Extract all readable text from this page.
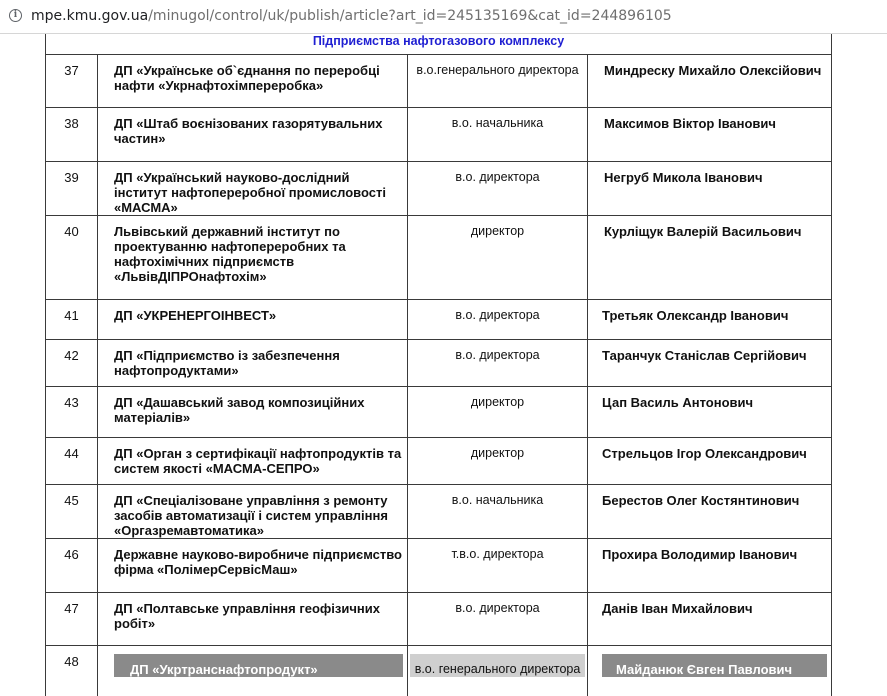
i mpe.kmu.gov.ua/minugol/control/uk/publish/article?art_id=245135169&cat_id=244896105

Підприємства нафтогазового комплексу			

37	ДП «Українське об`єднання по переробці нафти «Укрнафтохімпереробка»	в.о.генерального директора	Миндреску Михайло Олексійович

38	ДП «Штаб воєнізованих газорятувальних частин»	в.о. начальника	Максимов Віктор Іванович

39	ДП «Український науково-дослідний інститут нафтопереробної промисловості «МАСМА»	в.о. директора	Негруб Микола Іванович

40	Львівський державний інститут по проектуванню нафтопереробних та нафтохімічних підприємств «ЛьвівДІПРОнафтохім»	директор	Курліщук Валерій Васильович

41	ДП «УКРЕНЕРГОІНВЕСТ»	в.о. директора	Третьяк Олександр Іванович

42	ДП «Підприємство із забезпечення нафтопродуктами»	в.о. директора	Таранчук Станіслав Сергійович

43	ДП «Дашавський завод композиційних матеріалів»	директор	Цап Василь Антонович

44	ДП «Орган з сертифікації нафтопродуктів та систем якості «МАСМА-СЕПРО»	директор	Стрельцов Ігор Олександрович

45	ДП «Спеціалізоване управління з ремонту засобів автоматизації і систем управління «Оргазремавтоматика»	в.о. начальника	Берестов Олег Костянтинович

46	Державне науково-виробниче підприємство фірма «ПолімерСервісМаш»	т.в.о. директора	Прохира Володимир Іванович

47	ДП «Полтавське управління геофізичних робіт»	в.о. директора	Данів Іван Михайлович

48	ДП «Укртранснафтопродукт»	в.о. генерального директора	Майданюк Євген Павлович
